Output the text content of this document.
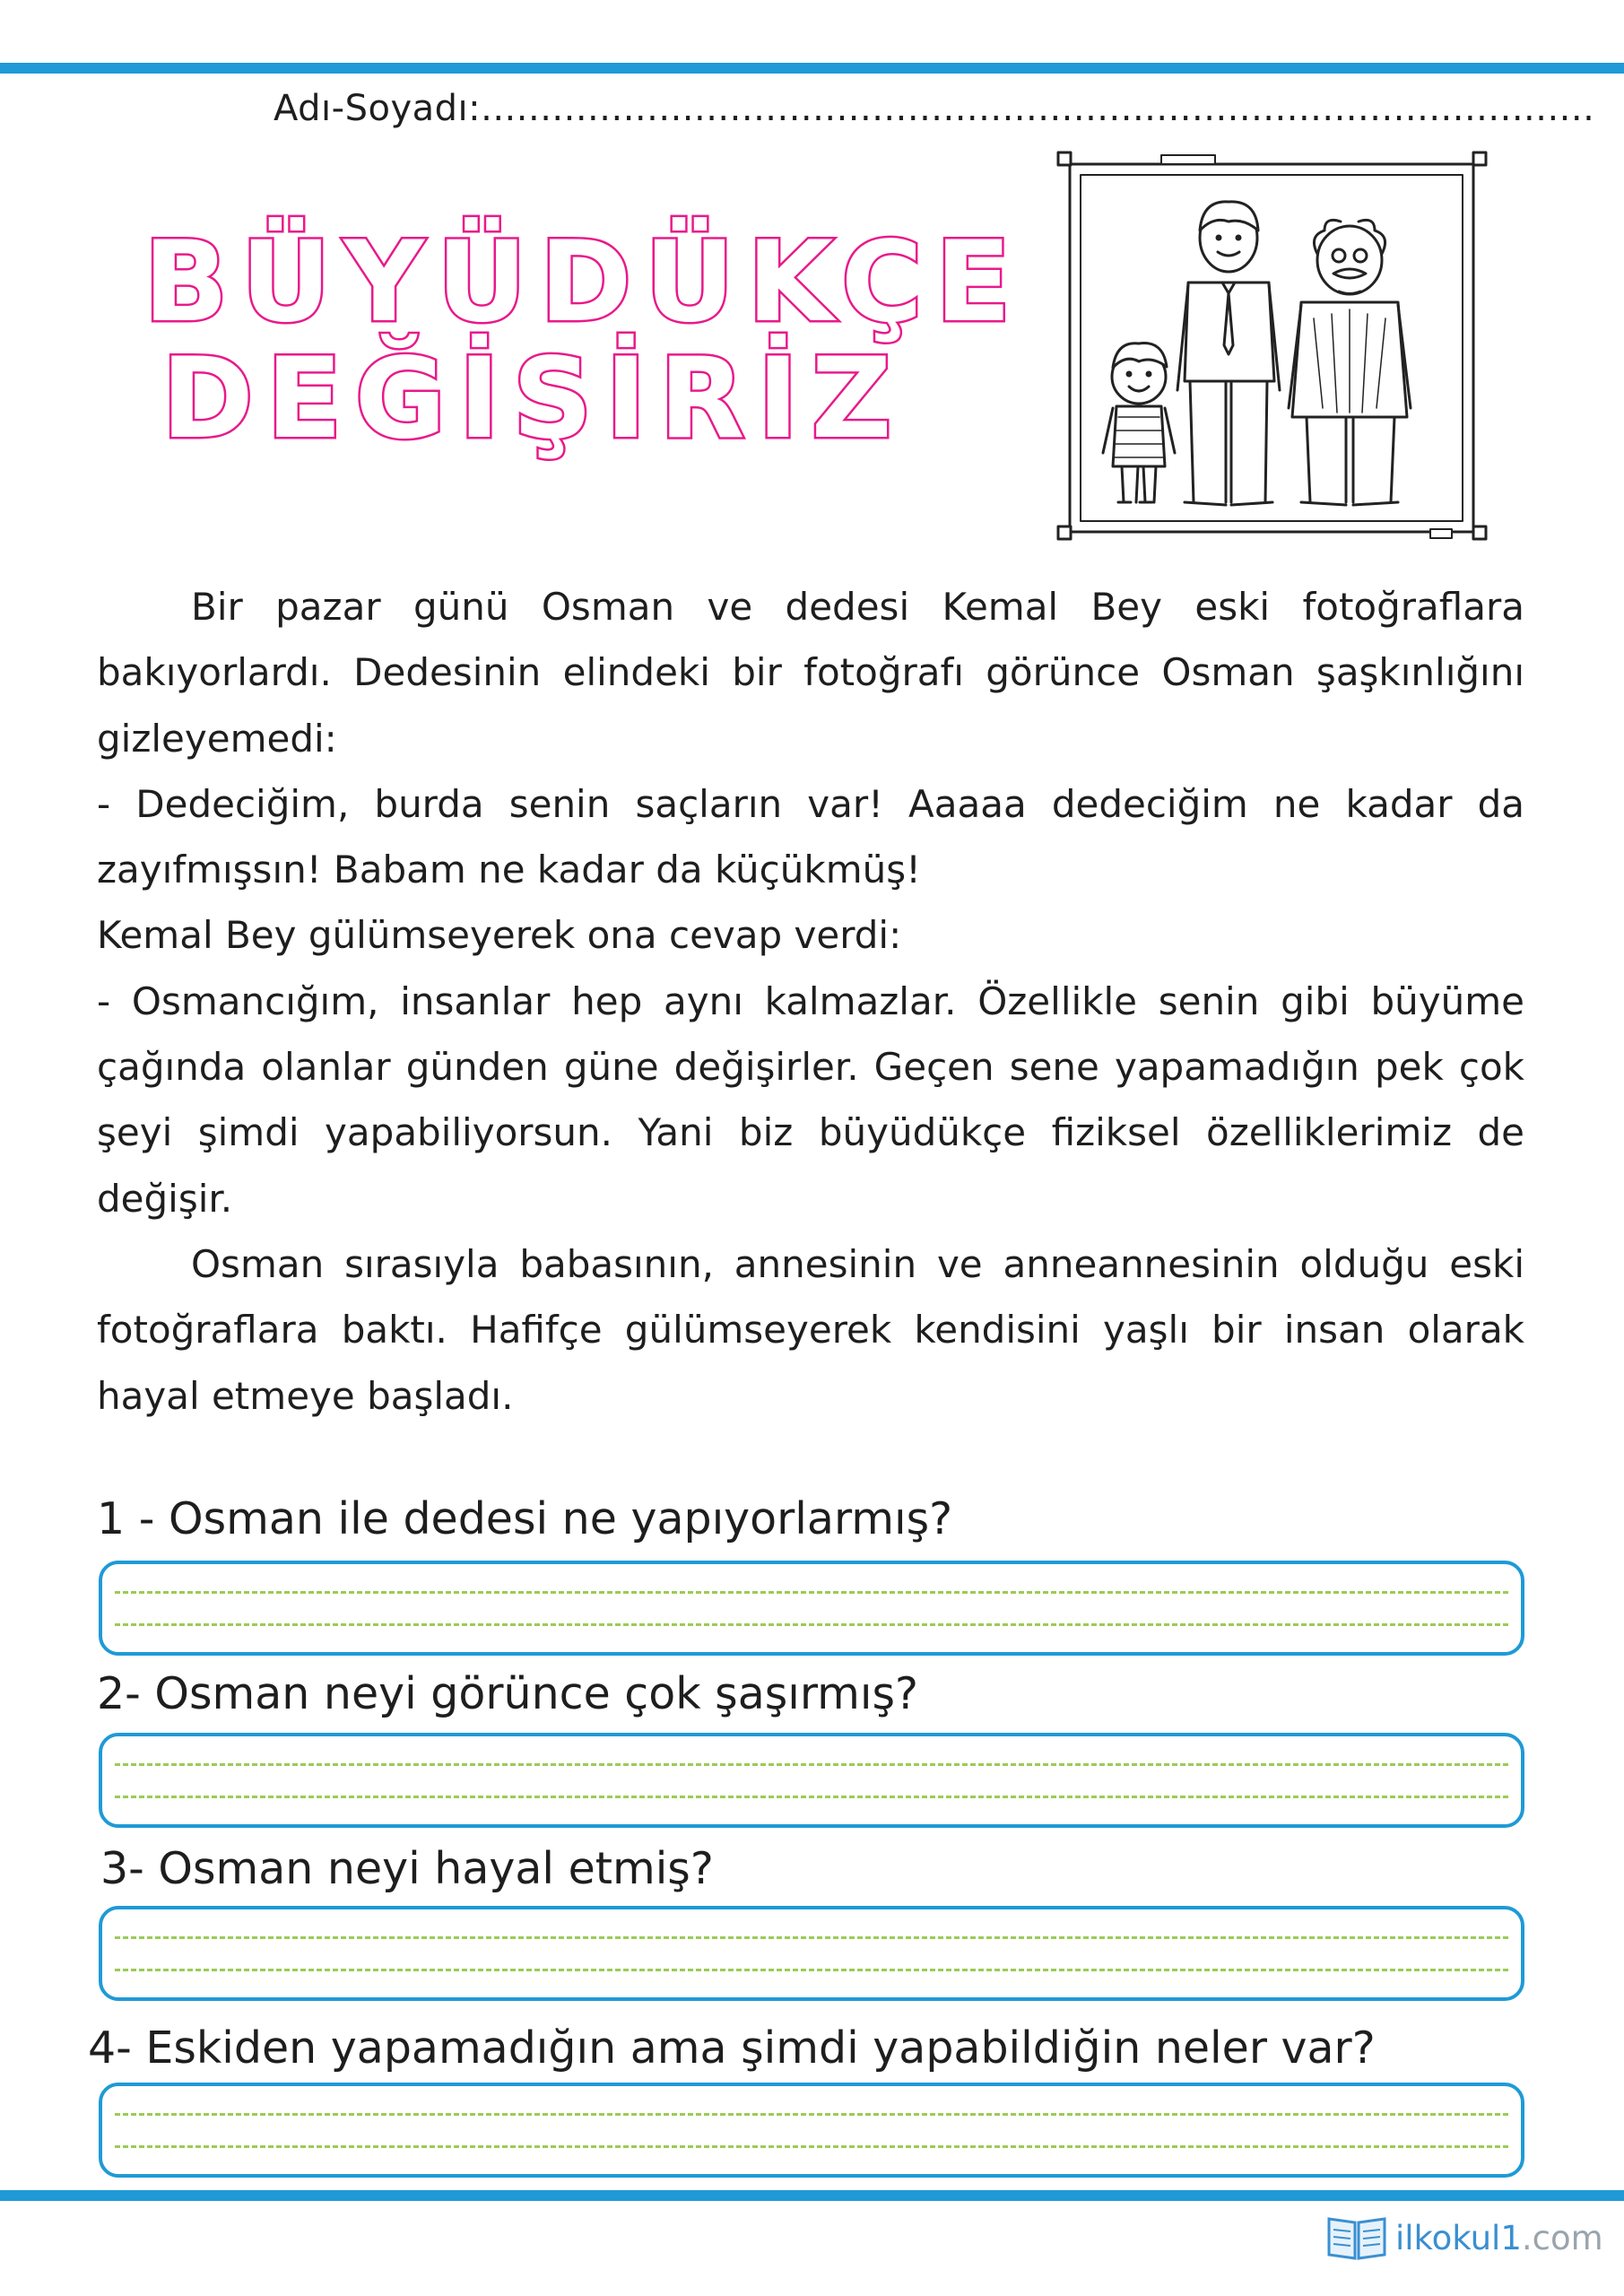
Adı-Soyadı:..............................................................................................
BÜYÜDÜKÇE
DEĞİŞİRİZ

Bir pazar günü Osman ve dedesi Kemal Bey eski fotoğraflara bakıyorlardı. Dedesinin elindeki bir fotoğrafı görünce Osman şaşkınlığını gizleyemedi:

- Dedeciğim, burda senin saçların var! Aaaaa dedeciğim ne kadar da zayıfmışsın! Babam ne kadar da küçükmüş!

Kemal Bey gülümseyerek ona cevap verdi:

- Osmancığım, insanlar hep aynı kalmazlar. Özellikle senin gibi büyüme çağında olanlar günden güne değişirler. Geçen sene yapamadığın pek çok şeyi şimdi yapabiliyorsun. Yani biz büyüdükçe fiziksel özelliklerimiz de değişir.

Osman sırasıyla babasının, annesinin ve anneannesinin olduğu eski fotoğraflara baktı. Hafifçe gülümseyerek kendisini yaşlı bir insan olarak hayal etmeye başladı.

1 - Osman ile dedesi ne yapıyorlarmış?
2- Osman neyi görünce çok şaşırmış?
3- Osman neyi hayal etmiş?
4- Eskiden yapamadığın ama şimdi yapabildiğin neler var?
ilkokul1.com
